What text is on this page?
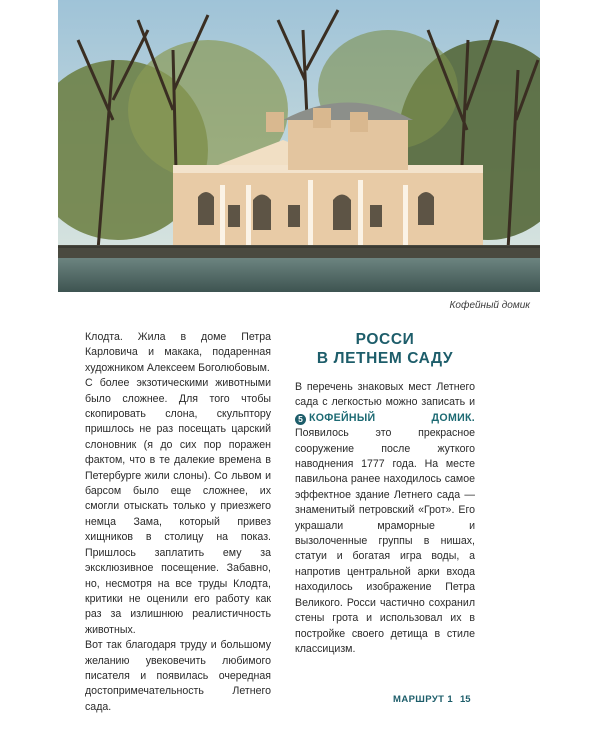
Кофейный домик

Клодта. Жила в доме Петра Карловича и макака, подаренная художником Алексеем Боголюбовым.

С более экзотическими животными было сложнее. Для того чтобы скопировать слона, скульптору пришлось не раз посещать царский слоновник (я до сих пор поражен фактом, что в те далекие времена в Петербурге жили слоны). Со львом и барсом было еще сложнее, их смогли отыскать только у приезжего немца Зама, который привез хищников в столицу на показ. Пришлось заплатить ему за эксклюзивное посещение. Забавно, но, несмотря на все труды Клодта, критики не оценили его работу как раз за излишнюю реалистичность животных.

Вот так благодаря труду и большому желанию увековечить любимого писателя и появилась очередная достопримечательность Летнего сада.

РОССИ
В ЛЕТНЕМ САДУ

В перечень знаковых мест Летнего сада с легкостью можно записать и 5 КОФЕЙНЫЙ ДОМИК. Появилось это прекрасное сооружение после жуткого наводнения 1777 года. На месте павильона ранее находилось самое эффектное здание Летнего сада — знаменитый петровский «Грот». Его украшали мраморные и вызолоченные группы в нишах, статуи и богатая игра воды, а напротив центральной арки входа находилось изображение Петра Великого. Росси частично сохранил стены грота и использовал их в постройке своего детища в стиле классицизм.

МАРШРУТ 1 15
